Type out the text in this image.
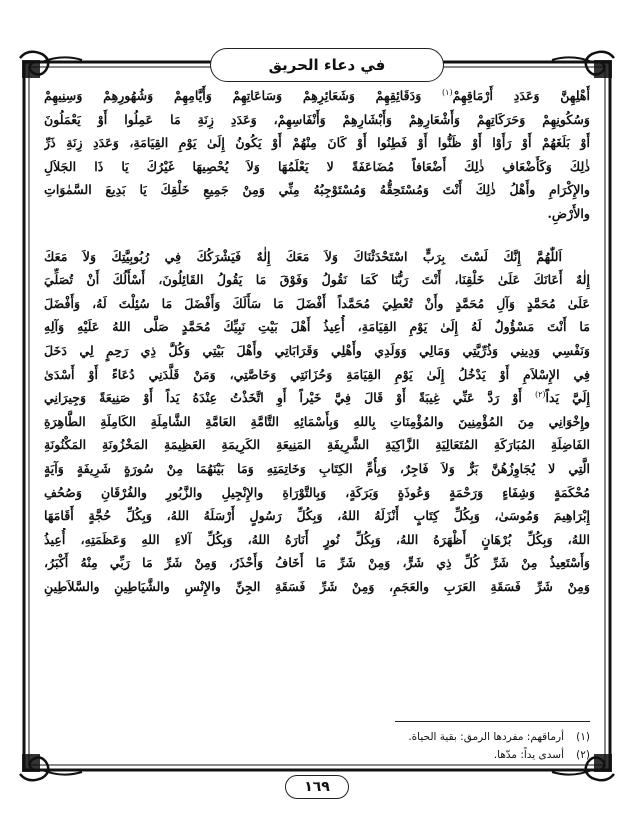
في دعاء الحريق
أَهْلِهِنَّ وَعَدَدِ أَرْمَاقِهِمْ$^{(١)}$ وَدَقَائِقِهِمْ وَشَعَائِرِهِمْ وَسَاعَاتِهِمْ وَأَيَّامِهِمْ وَشُهُورِهِمْ وَسِنِيهِمْ
وَسُكُونِهِمْ وَحَرَكَاتِهِمْ وَأَشْعَارِهِمْ وَأَبْشَارِهِمْ وَأَنْفَاسِهِمْ، وَعَدَدِ زِنَةِ مَا عَمِلُوا أَوْ يَعْمَلُونَ
أَوْ بَلَغَهُمْ أَوْ رَأَوْا أَوْ ظَنُّوا أَوْ فَطِنُوا أَوْ كَانَ مِنْهُمْ أَوْ يَكُونُ إِلَىٰ يَوْمِ القِيَامَةِ، وَعَدَدِ زِنَةِ ذَرِّ
ذٰلِكَ وَكَأَضْعَافِ ذٰلِكَ أَضْعَافاً مُضَاعَفَةً لا يَعْلَمُهَا وَلاَ يُحْصِيهَا غَيْرُكَ يَا ذَا الجَلاَلِ
والإِكْرَامِ وأَهْلُ ذٰلِكَ أَنْتَ وَمُسْتَحِقُّهُ وَمُسْتَوْجِبُهُ مِنِّي وَمِنْ جَمِيعِ خَلْقِكَ يَا بَدِيعَ السَّمٰوَاتِ
والأَرْضِ.
اَللّٰهُمَّ إِنَّكَ لَسْتَ بِرَبٍّ اسْتَحْدَثْنَاكَ وَلاَ مَعَكَ إِلٰهٌ فَيَشْرَكُكَ فِي رُبُوبِيَّتِكَ وَلاَ مَعَكَ
إِلٰهٌ أَعَانَكَ عَلَىٰ خَلْقِنَا، أَنْتَ رَبُّنَا كَمَا نَقُولُ وَفَوْقَ مَا يَقُولُ القَائِلُونَ، أَسْأَلُكَ أَنْ تُصَلِّيَ
عَلَىٰ مُحَمَّدٍ وَآلِ مُحَمَّدٍ وأَنْ تُعْطِيَ مُحَمَّداً أَفْضَلَ مَا سَأَلَكَ وَأَفْضَلَ مَا سُئِلْتَ لَهُ، وَأَفْضَلَ
مَا أَنْتَ مَسْؤُولٌ لَهُ إِلَىٰ يَوْمِ القِيَامَةِ، أُعِيذُ أَهْلَ بَيْتِ نَبِيِّكَ مُحَمَّدٍ صَلَّى اللهُ عَلَيْهِ وَآلِهِ
وَنَفْسِي وَدِينِي وَذُرِّيَّتِي وَمَالِي وَوَلَدِي وأَهْلِي وَقَرَابَاتِي وأَهْلَ بَيْتِي وَكُلَّ ذِي رَحِمٍ لِي دَخَلَ
فِي الإِسْلاَمِ أَوْ يَدْخُلُ إِلَىٰ يَوْمِ القِيَامَةِ وَحُزَانَتِي وَخَاصَّتِي، وَمَنْ قَلَّدَنِي دُعَاءً أَوْ أَسْدَىٰ
إِلَيَّ يَداً$^{(٢)}$ أَوْ رَدَّ عَنِّي غِيبَةً أَوْ قَالَ فِيَّ خَيْراً أَوِ اتَّخَذْتُ عِنْدَهُ يَداً أَوْ صَنِيعَةً وَجِيرَانِي
وإِخْوَانِي مِنَ المُؤْمِنِينَ والمُؤْمِنَاتِ بِاللهِ وَبِأَسْمَائِهِ التَّامَّةِ العَامَّةِ الشَّامِلَةِ الكَامِلَةِ الطَّاهِرَةِ
الفَاضِلَةِ المُبَارَكَةِ المُتَعَالِيَةِ الزَّاكِيَةِ الشَّرِيفَةِ المَنِيعَةِ الكَرِيمَةِ العَظِيمَةِ المَخْزُونَةِ المَكْنُونَةِ
الَّتِي لا يُجَاوِزُهُنَّ بَرٌّ وَلاَ فَاجِرٌ، وَبِأُمِّ الكِتَابِ وَخَاتِمَتِهِ وَمَا بَيْنَهُمَا مِنْ سُورَةٍ شَرِيفَةٍ وَآيَةٍ
مُحْكَمَةٍ وَشِفَاءٍ وَرَحْمَةٍ وَعُوذَةٍ وَبَرَكَةٍ، وَبِالتَّوْرَاةِ والإِنْجِيلِ والزَّبُورِ والفُرْقَانِ وَصُحُفِ
إِبْرَاهِيمَ وَمُوسَىٰ، وَبِكُلِّ كِتَابٍ أَنْزَلَهُ اللهُ، وَبِكُلِّ رَسُولٍ أَرْسَلَهُ اللهُ، وَبِكُلِّ حُجَّةٍ أَقَامَهَا
اللهُ، وَبِكُلِّ بُرْهَانٍ أَظْهَرَهُ اللهُ، وَبِكُلِّ نُورٍ أَنَارَهُ اللهُ، وَبِكُلِّ آلاءِ اللهِ وَعَظَمَتِهِ، أُعِيذُ
وَأَسْتَعِيذُ مِنْ شَرِّ كُلِّ ذِي شَرٍّ، وَمِنْ شَرِّ مَا أَخَافُ وَأَحْذَرُ، وَمِنْ شَرِّ مَا رَبِّي مِنْهُ أَكْبَرُ،
وَمِنْ شَرِّ فَسَقَةِ العَرَبِ والعَجَمِ، وَمِنْ شَرِّ فَسَقَةِ الجِنِّ والإِنْسِ والشَّيَاطِينِ والسَّلاَطِينِ
(١)
أرماقهم: مفردها الرمق: بقية الحياة.
(٢)
أسدى يداً: مدّها.
١٦٩
